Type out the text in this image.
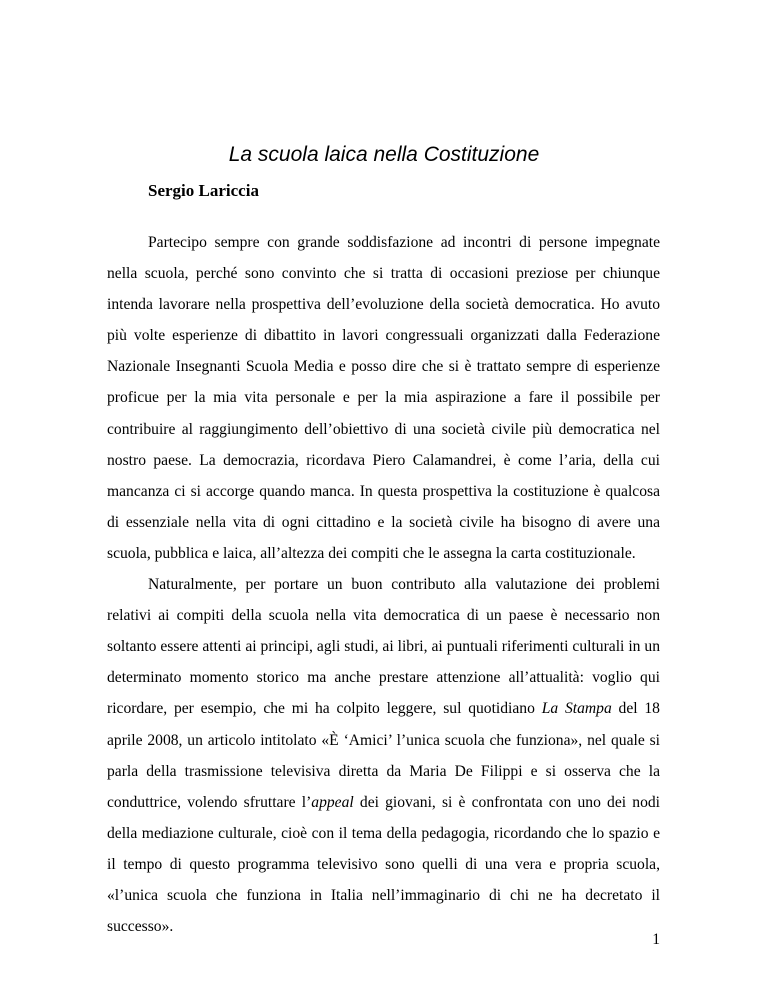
La scuola laica nella Costituzione
Sergio Lariccia

Partecipo sempre con grande soddisfazione ad incontri di persone impegnate nella scuola, perché sono convinto che si tratta di occasioni preziose per chiunque intenda lavorare nella prospettiva dell’evoluzione della società democratica. Ho avuto più volte esperienze di dibattito in lavori congressuali organizzati dalla Federazione Nazionale Insegnanti Scuola Media e posso dire che si è trattato sempre di esperienze proficue per la mia vita personale e per la mia aspirazione a fare il possibile per contribuire al raggiungimento dell’obiettivo di una società civile più democratica nel nostro paese. La democrazia, ricordava Piero Calamandrei, è come l’aria, della cui mancanza ci si accorge quando manca. In questa prospettiva la costituzione è qualcosa di essenziale nella vita di ogni cittadino e la società civile ha bisogno di avere una scuola, pubblica e laica, all’altezza dei compiti che le assegna la carta costituzionale.

Naturalmente, per portare un buon contributo alla valutazione dei problemi relativi ai compiti della scuola nella vita democratica di un paese è necessario non soltanto essere attenti ai principi, agli studi, ai libri, ai puntuali riferimenti culturali in un determinato momento storico ma anche prestare attenzione all’attualità: voglio qui ricordare, per esempio, che mi ha colpito leggere, sul quotidiano La Stampa del 18 aprile 2008, un articolo intitolato «È ‘Amici’ l’unica scuola che funziona», nel quale si parla della trasmissione televisiva diretta da Maria De Filippi e si osserva che la conduttrice, volendo sfruttare l’appeal dei giovani, si è confrontata con uno dei nodi della mediazione culturale, cioè con il tema della pedagogia, ricordando che lo spazio e il tempo di questo programma televisivo sono quelli di una vera e propria scuola, «l’unica scuola che funziona in Italia nell’immaginario di chi ne ha decretato il successo».

1
